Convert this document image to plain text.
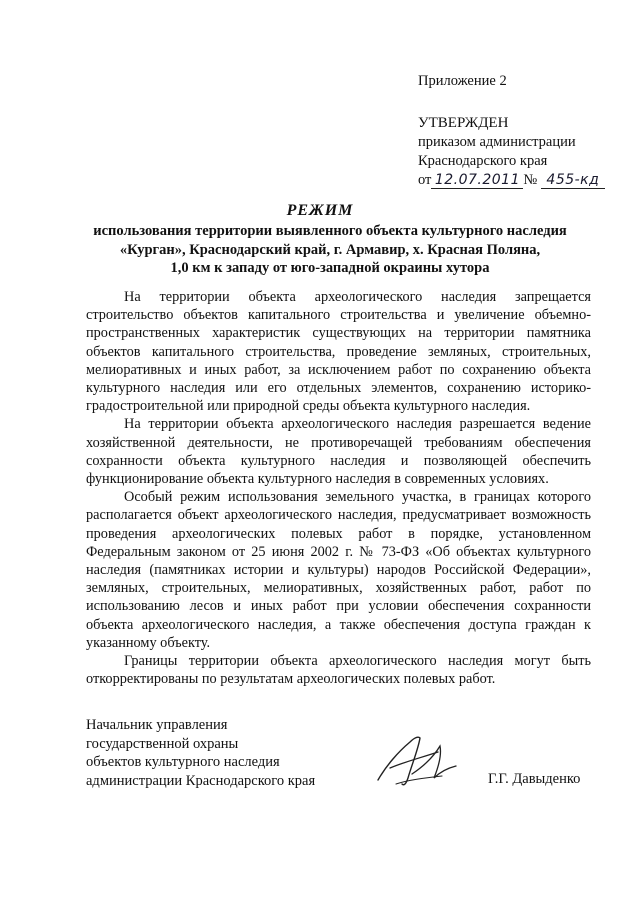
Приложение 2
УТВЕРЖДЕН
приказом администрации
Краснодарского края
от 12.07.2011 № 455-кд
РЕЖИМ
использования территории выявленного объекта культурного наследия
«Курган», Краснодарский край, г. Армавир, х. Красная Поляна,
1,0 км к западу от юго-западной окраины хутора

На территории объекта археологического наследия запрещается строительство объектов капитального строительства и увеличение объемно-пространственных характеристик существующих на территории памятника объектов капитального строительства, проведение земляных, строительных, мелиоративных и иных работ, за исключением работ по сохранению объекта культурного наследия или его отдельных элементов, сохранению историко-градостроительной или природной среды объекта культурного наследия.

На территории объекта археологического наследия разрешается ведение хозяйственной деятельности, не противоречащей требованиям обеспечения сохранности объекта культурного наследия и позволяющей обеспечить функционирование объекта культурного наследия в современных условиях.

Особый режим использования земельного участка, в границах которого располагается объект археологического наследия, предусматривает возможность проведения археологических полевых работ в порядке, установленном Федеральным законом от 25 июня 2002 г. № 73-ФЗ «Об объектах культурного наследия (памятниках истории и культуры) народов Российской Федерации», земляных, строительных, мелиоративных, хозяйственных работ, работ по использованию лесов и иных работ при условии обеспечения сохранности объекта археологического наследия, а также обеспечения доступа граждан к указанному объекту.

Границы территории объекта археологического наследия могут быть откорректированы по результатам археологических полевых работ.

Начальник управления
государственной охраны
объектов культурного наследия
администрации Краснодарского края	Г.Г. Давыденко
